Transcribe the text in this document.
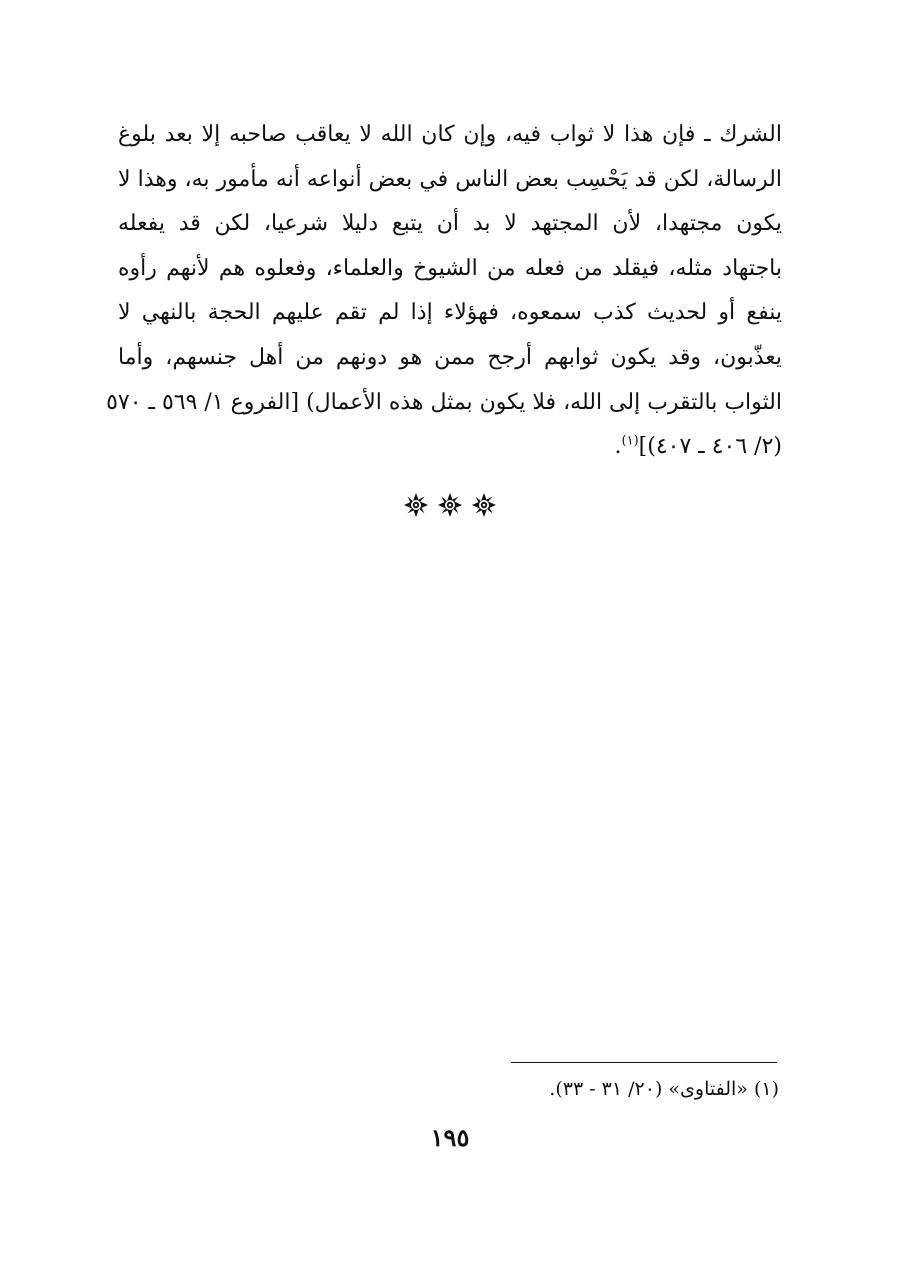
الشرك ـ فإن هذا لا ثواب فيه، وإن كان الله لا يعاقب صاحبه إلا بعد بلوغ
الرسالة، لكن قد يَحْسِب بعض الناس في بعض أنواعه أنه مأمور به، وهذا لا
يكون مجتهدا، لأن المجتهد لا بد أن يتبع دليلا شرعيا، لكن قد يفعله
باجتهاد مثله، فيقلد من فعله من الشيوخ والعلماء، وفعلوه هم لأنهم رأوه
ينفع أو لحديث كذب سمعوه، فهؤلاء إذا لم تقم عليهم الحجة بالنهي لا
يعذّبون، وقد يكون ثوابهم أرجح ممن هو دونهم من أهل جنسهم، وأما
الثواب بالتقرب إلى الله، فلا يكون بمثل هذه الأعمال) [الفروع ١/ ٥٦٩ ـ ٥٧٠
(٢/ ٤٠٦ ـ ٤٠٧)]$^{(١)}$.

(١) «الفتاوى» (٢٠/ ٣١ - ٣٣).
١٩٥
